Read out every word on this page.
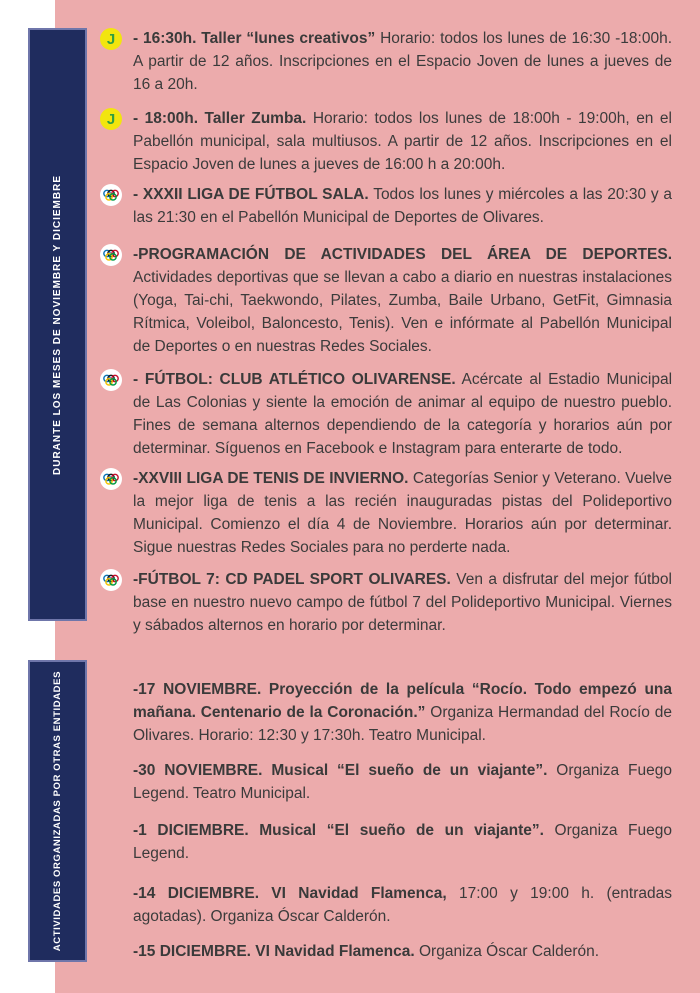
DURANTE LOS MESES DE NOVIEMBRE Y DICIEMBRE
ACTIVIDADES ORGANIZADAS POR OTRAS ENTIDADES
J - 16:30h. Taller “lunes creativos” Horario: todos los lunes de 16:30 -18:00h. A partir de 12 años. Inscripciones en el Espacio Joven de lunes a jueves de 16 a 20h.

J - 18:00h. Taller Zumba. Horario: todos los lunes de 18:00h - 19:00h, en el Pabellón municipal, sala multiusos. A partir de 12 años. Inscripciones en el Espacio Joven de lunes a jueves de 16:00 h a 20:00h.

- XXXII LIGA DE FÚTBOL SALA. Todos los lunes y miércoles a las 20:30 y a las 21:30 en el Pabellón Municipal de Deportes de Olivares.

-PROGRAMACIÓN DE ACTIVIDADES DEL ÁREA DE DEPORTES. Actividades deportivas que se llevan a cabo a diario en nuestras instalaciones (Yoga, Tai-chi, Taekwondo, Pilates, Zumba, Baile Urbano, GetFit, Gimnasia Rítmica, Voleibol, Baloncesto, Tenis). Ven e infórmate al Pabellón Municipal de Deportes o en nuestras Redes Sociales.

- FÚTBOL: CLUB ATLÉTICO OLIVARENSE. Acércate al Estadio Municipal de Las Colonias y siente la emoción de animar al equipo de nuestro pueblo. Fines de semana alternos dependiendo de la categoría y horarios aún por determinar. Síguenos en Facebook e Instagram para enterarte de todo.

-XXVIII LIGA DE TENIS DE INVIERNO. Categorías Senior y Veterano. Vuelve la mejor liga de tenis a las recién inauguradas pistas del Polideportivo Municipal. Comienzo el día 4 de Noviembre. Horarios aún por determinar. Sigue nuestras Redes Sociales para no perderte nada.

-FÚTBOL 7: CD PADEL SPORT OLIVARES. Ven a disfrutar del mejor fútbol base en nuestro nuevo campo de fútbol 7 del Polideportivo Municipal. Viernes y sábados alternos en horario por determinar.

-17 NOVIEMBRE. Proyección de la película “Rocío. Todo empezó una mañana. Centenario de la Coronación.” Organiza Hermandad del Rocío de Olivares. Horario: 12:30 y 17:30h. Teatro Municipal.

-30 NOVIEMBRE. Musical “El sueño de un viajante”. Organiza Fuego Legend. Teatro Municipal.

-1 DICIEMBRE. Musical “El sueño de un viajante”. Organiza Fuego Legend.

-14 DICIEMBRE. VI Navidad Flamenca, 17:00 y 19:00 h. (entradas agotadas). Organiza Óscar Calderón.

-15 DICIEMBRE. VI Navidad Flamenca. Organiza Óscar Calderón.
